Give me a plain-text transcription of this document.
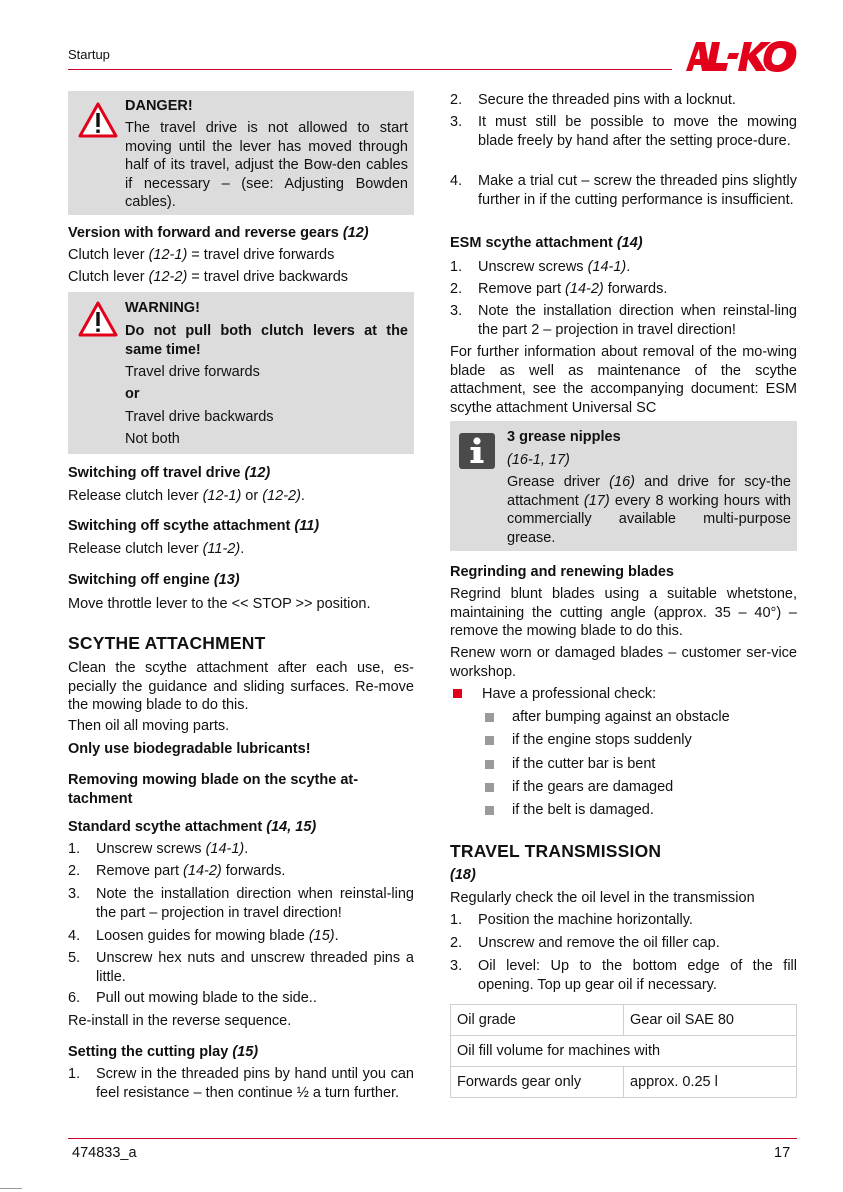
Startup
DANGER!
The travel drive is not allowed to start moving until the lever has moved through half of its travel, adjust the Bow-den cables if necessary – (see: Adjusting Bowden cables).
Version with forward and reverse gears (12)
Clutch lever (12-1) = travel drive forwards
Clutch lever (12-2) = travel drive backwards
WARNING!
Do not pull both clutch levers at the same time!
Travel drive forwards
or
Travel drive backwards
Not both
Switching off travel drive (12)
Release clutch lever (12-1) or (12-2).
Switching off scythe attachment (11)
Release clutch lever (11-2).
Switching off engine (13)
Move throttle lever to the << STOP >> position.
SCYTHE ATTACHMENT
Clean the scythe attachment after each use, es-pecially the guidance and sliding surfaces. Re-move the mowing blade to do this.
Then oil all moving parts.
Only use biodegradable lubricants!
Removing mowing blade on the scythe at-tachment
Standard scythe attachment (14, 15)
1. Unscrew screws (14-1).
2. Remove part (14-2) forwards.
3. Note the installation direction when reinstal-ling the part – projection in travel direction!
4. Loosen guides for mowing blade (15).
5. Unscrew hex nuts and unscrew threaded pins a little.
6. Pull out mowing blade to the side..
Re-install in the reverse sequence.
Setting the cutting play (15)
1. Screw in the threaded pins by hand until you can feel resistance – then continue ½ a turn further.
2. Secure the threaded pins with a locknut.
3. It must still be possible to move the mowing blade freely by hand after the setting proce-dure.
4. Make a trial cut – screw the threaded pins slightly further in if the cutting performance is insufficient.
ESM scythe attachment (14)
1. Unscrew screws (14-1).
2. Remove part (14-2) forwards.
3. Note the installation direction when reinstal-ling the part 2 – projection in travel direction!
For further information about removal of the mo-wing blade as well as maintenance of the scythe attachment, see the accompanying document: ESM scythe attachment Universal SC
3 grease nipples
(16-1, 17)
Grease driver (16) and drive for scy-the attachment (17) every 8 working hours with commercially available multi-purpose grease.
Regrinding and renewing blades
Regrind blunt blades using a suitable whetstone, maintaining the cutting angle (approx. 35 – 40°) – remove the mowing blade to do this.
Renew worn or damaged blades – customer ser-vice workshop.
Have a professional check:
after bumping against an obstacle
if the engine stops suddenly
if the cutter bar is bent
if the gears are damaged
if the belt is damaged.
TRAVEL TRANSMISSION
(18)
Regularly check the oil level in the transmission
1. Position the machine horizontally.
2. Unscrew and remove the oil filler cap.
3. Oil level: Up to the bottom edge of the fill opening. Top up gear oil if necessary.
Oil grade	Gear oil SAE 80
Oil fill volume for machines with	
Forwards gear only	approx. 0.25 l
474833_a	17
